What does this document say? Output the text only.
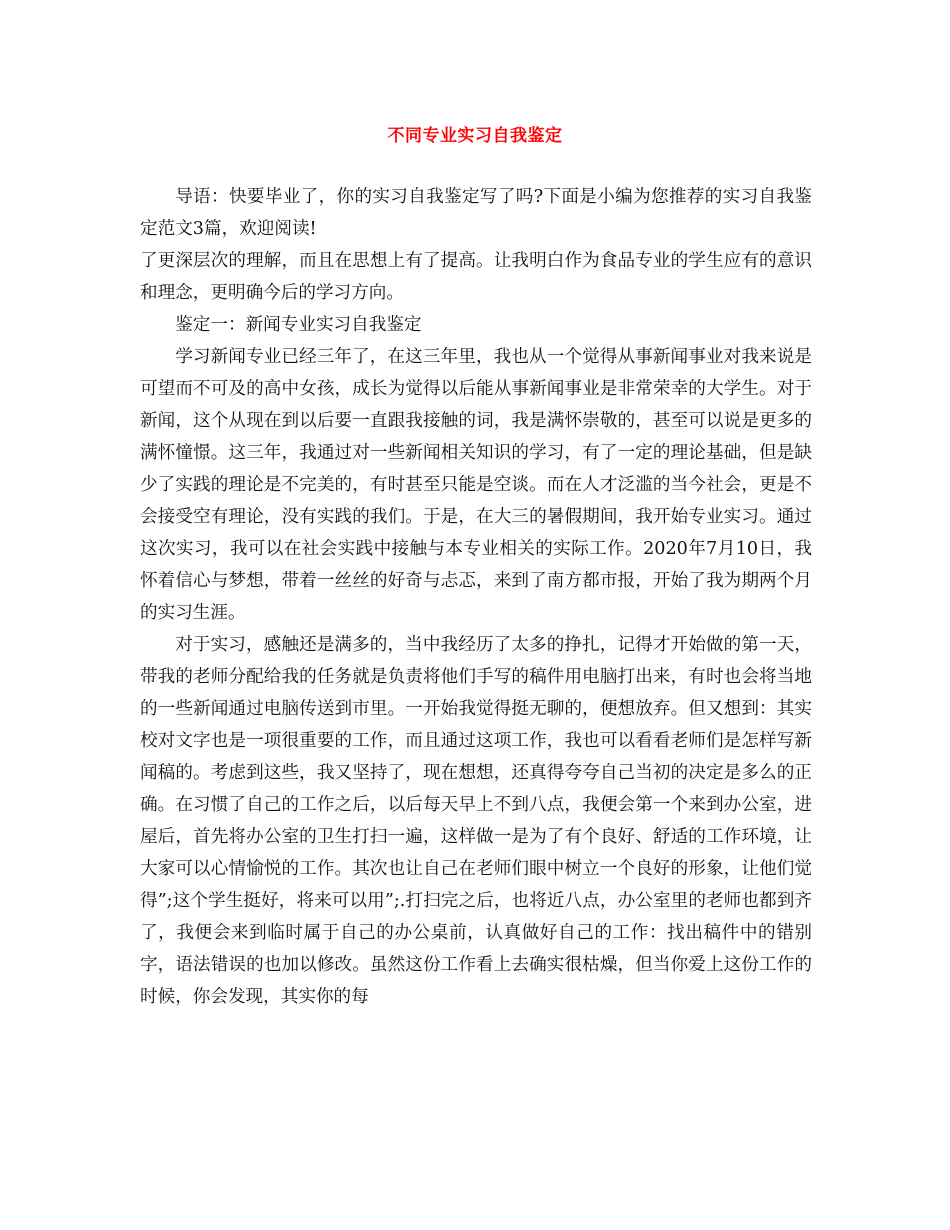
不同专业实习自我鉴定

导语：快要毕业了，你的实习自我鉴定写了吗?下面是小编为您推荐的实习自我鉴定范文3篇，欢迎阅读!

了更深层次的理解，而且在思想上有了提高。让我明白作为食品专业的学生应有的意识和理念，更明确今后的学习方向。

鉴定一：新闻专业实习自我鉴定

学习新闻专业已经三年了，在这三年里，我也从一个觉得从事新闻事业对我来说是可望而不可及的高中女孩，成长为觉得以后能从事新闻事业是非常荣幸的大学生。对于新闻，这个从现在到以后要一直跟我接触的词，我是满怀崇敬的，甚至可以说是更多的满怀憧憬。这三年，我通过对一些新闻相关知识的学习，有了一定的理论基础，但是缺少了实践的理论是不完美的，有时甚至只能是空谈。而在人才泛滥的当今社会，更是不会接受空有理论，没有实践的我们。于是，在大三的暑假期间，我开始专业实习。通过这次实习，我可以在社会实践中接触与本专业相关的实际工作。2020年7月10日，我怀着信心与梦想，带着一丝丝的好奇与忐忑，来到了南方都市报，开始了我为期两个月的实习生涯。

对于实习，感触还是满多的，当中我经历了太多的挣扎，记得才开始做的第一天，带我的老师分配给我的任务就是负责将他们手写的稿件用电脑打出来，有时也会将当地的一些新闻通过电脑传送到市里。一开始我觉得挺无聊的，便想放弃。但又想到：其实校对文字也是一项很重要的工作，而且通过这项工作，我也可以看看老师们是怎样写新闻稿的。考虑到这些，我又坚持了，现在想想，还真得夸夸自己当初的决定是多么的正确。在习惯了自己的工作之后，以后每天早上不到八点，我便会第一个来到办公室，进屋后，首先将办公室的卫生打扫一遍，这样做一是为了有个良好、舒适的工作环境，让大家可以心情愉悦的工作。其次也让自己在老师们眼中树立一个良好的形象，让他们觉得”;这个学生挺好，将来可以用”;.打扫完之后，也将近八点，办公室里的老师也都到齐了，我便会来到临时属于自己的办公桌前，认真做好自己的工作：找出稿件中的错别字，语法错误的也加以修改。虽然这份工作看上去确实很枯燥，但当你爱上这份工作的时候，你会发现，其实你的每
